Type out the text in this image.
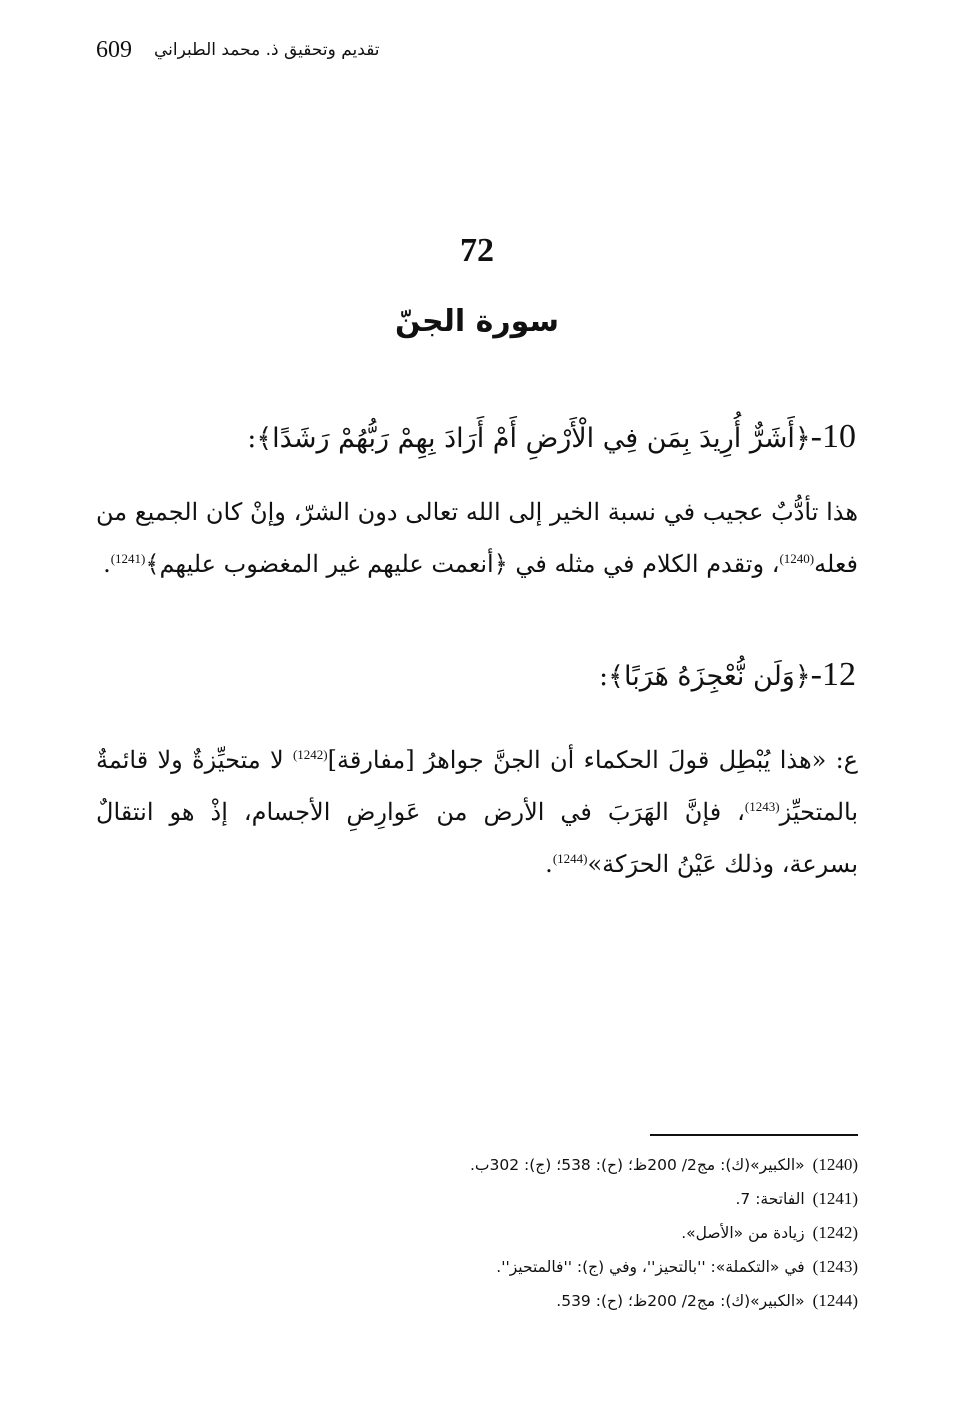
609 تقديم وتحقيق ذ. محمد الطبراني
72
سورة الجنّ
10-﴿أَشَرٌّ أُرِيدَ بِمَن فِي الْأَرْضِ أَمْ أَرَادَ بِهِمْ رَبُّهُمْ رَشَدًا﴾:
هذا تأدُّبٌ عجيب في نسبة الخير إلى الله تعالى دون الشرّ، وإنْ كان الجميع من فعله$^{(1240)}$، وتقدم الكلام في مثله في ﴿أنعمت عليهم غير المغضوب عليهم﴾$^{(1241)}$.
12-﴿وَلَن نُّعْجِزَهُ هَرَبًا﴾:
ع: «هذا يُبْطِل قولَ الحكماء أن الجنَّ جواهرُ [مفارقة]$^{(1242)}$ لا متحيِّزةٌ ولا قائمةٌ بالمتحيِّز$^{(1243)}$، فإنَّ الهَرَبَ في الأرض من عَوارِضِ الأجسام، إذْ هو انتقالٌ بسرعة، وذلك عَيْنُ الحرَكة»$^{(1244)}$.
(1240)«الكبير»(ك): مج2/ 200ظ؛ (ح): 538؛ (ج): 302ب.
(1241)الفاتحة: 7.
(1242)زيادة من «الأصل».
(1243)في «التكملة»: ''بالتحيز''، وفي (ج): ''فالمتحيز''.
(1244)«الكبير»(ك): مج2/ 200ظ؛ (ح): 539.
